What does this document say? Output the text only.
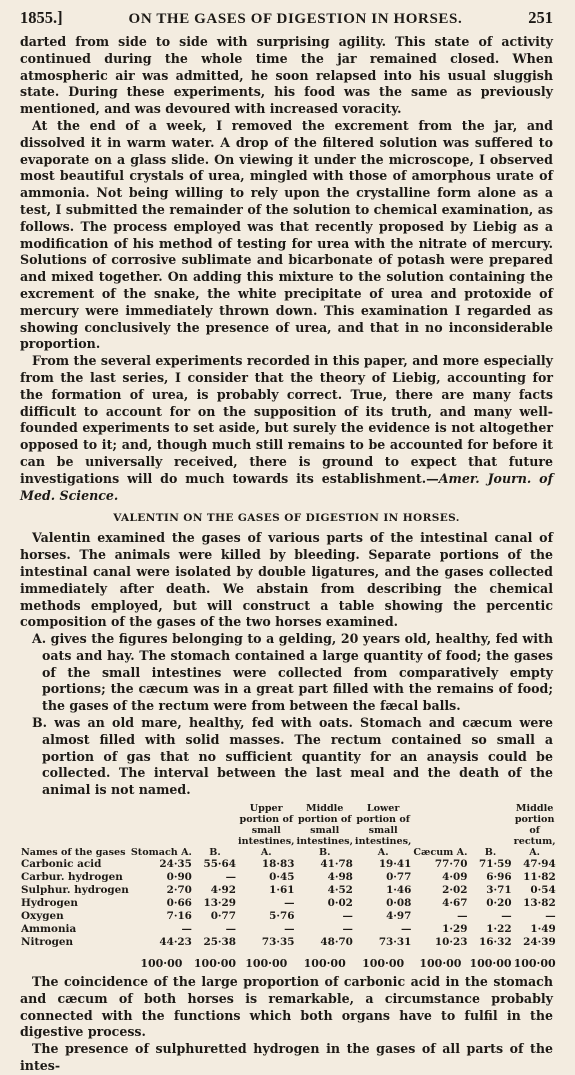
1855.]	ON THE GASES OF DIGESTION IN HORSES.	251

darted from side to side with surprising agility. This state of activity continued during the whole time the jar remained closed. When atmospheric air was admitted, he soon relapsed into his usual sluggish state. During these experiments, his food was the same as previously mentioned, and was devoured with increased voracity.

At the end of a week, I removed the excrement from the jar, and dissolved it in warm water. A drop of the filtered solution was suffered to evaporate on a glass slide. On viewing it under the microscope, I observed most beautiful crystals of urea, mingled with those of amorphous urate of ammonia. Not being willing to rely upon the crystalline form alone as a test, I submitted the remainder of the solution to chemical examination, as follows. The process employed was that recently proposed by Liebig as a modification of his method of testing for urea with the nitrate of mercury. Solutions of corrosive sublimate and bicarbonate of potash were prepared and mixed together. On adding this mixture to the solution containing the excrement of the snake, the white precipitate of urea and protoxide of mercury were immediately thrown down. This examination I regarded as showing conclusively the presence of urea, and that in no inconsiderable proportion.

From the several experiments recorded in this paper, and more especially from the last series, I consider that the theory of Liebig, accounting for the formation of urea, is probably correct. True, there are many facts difficult to account for on the supposition of its truth, and many well-founded experiments to set aside, but surely the evidence is not altogether opposed to it; and, though much still remains to be accounted for before it can be universally received, there is ground to expect that future investigations will do much towards its establishment.—Amer. Journ. of Med. Science.

VALENTIN ON THE GASES OF DIGESTION IN HORSES.

Valentin examined the gases of various parts of the intestinal canal of horses. The animals were killed by bleeding. Separate portions of the intestinal canal were isolated by double ligatures, and the gases collected immediately after death. We abstain from describing the chemical methods employed, but will construct a table showing the percentic composition of the gases of the two horses examined.

A. gives the figures belonging to a gelding, 20 years old, healthy, fed with oats and hay. The stomach contained a large quantity of food; the gases of the small intestines were collected from comparatively empty portions; the cæcum was in a great part filled with the remains of food; the gases of the rectum were from between the fæcal balls.
B. was an old mare, healthy, fed with oats. Stomach and cæcum were almost filled with solid masses. The rectum contained so small a portion of gas that no sufficient quantity for an anaysis could be collected. The interval between the last meal and the death of the animal is not named.
Names of the gases	Stomach A.	B.	Upper portion of small intestines, A.	Middle portion of small intestines, B.	Lower portion of small intestines, A.	Cæcum A.	B.	Middle portion of rectum, A.
Carbonic acid	24·35	55·64	18·83	41·78	19·41	77·70	71·59	47·94
Carbur. hydrogen	0·90	—	0·45	4·98	0·77	4·09	6·96	11·82
Sulphur. hydrogen	2·70	4·92	1·61	4·52	1·46	2·02	3·71	0·54
Hydrogen	0·66	13·29	—	0·02	0·08	4·67	0·20	13·82
Oxygen	7·16	0·77	5·76	—	4·97	—	—	—
Ammonia	—	—	—	—	—	1·29	1·22	1·49
Nitrogen	44·23	25·38	73·35	48·70	73·31	10·23	16·32	24·39
	100·00	100·00	100·00	100·00	100·00	100·00	100·00	100·00

The coincidence of the large proportion of carbonic acid in the stomach and cæcum of both horses is remarkable, a circumstance probably connected with the functions which both organs have to fulfil in the digestive process.

The presence of sulphuretted hydrogen in the gases of all parts of the intes-
